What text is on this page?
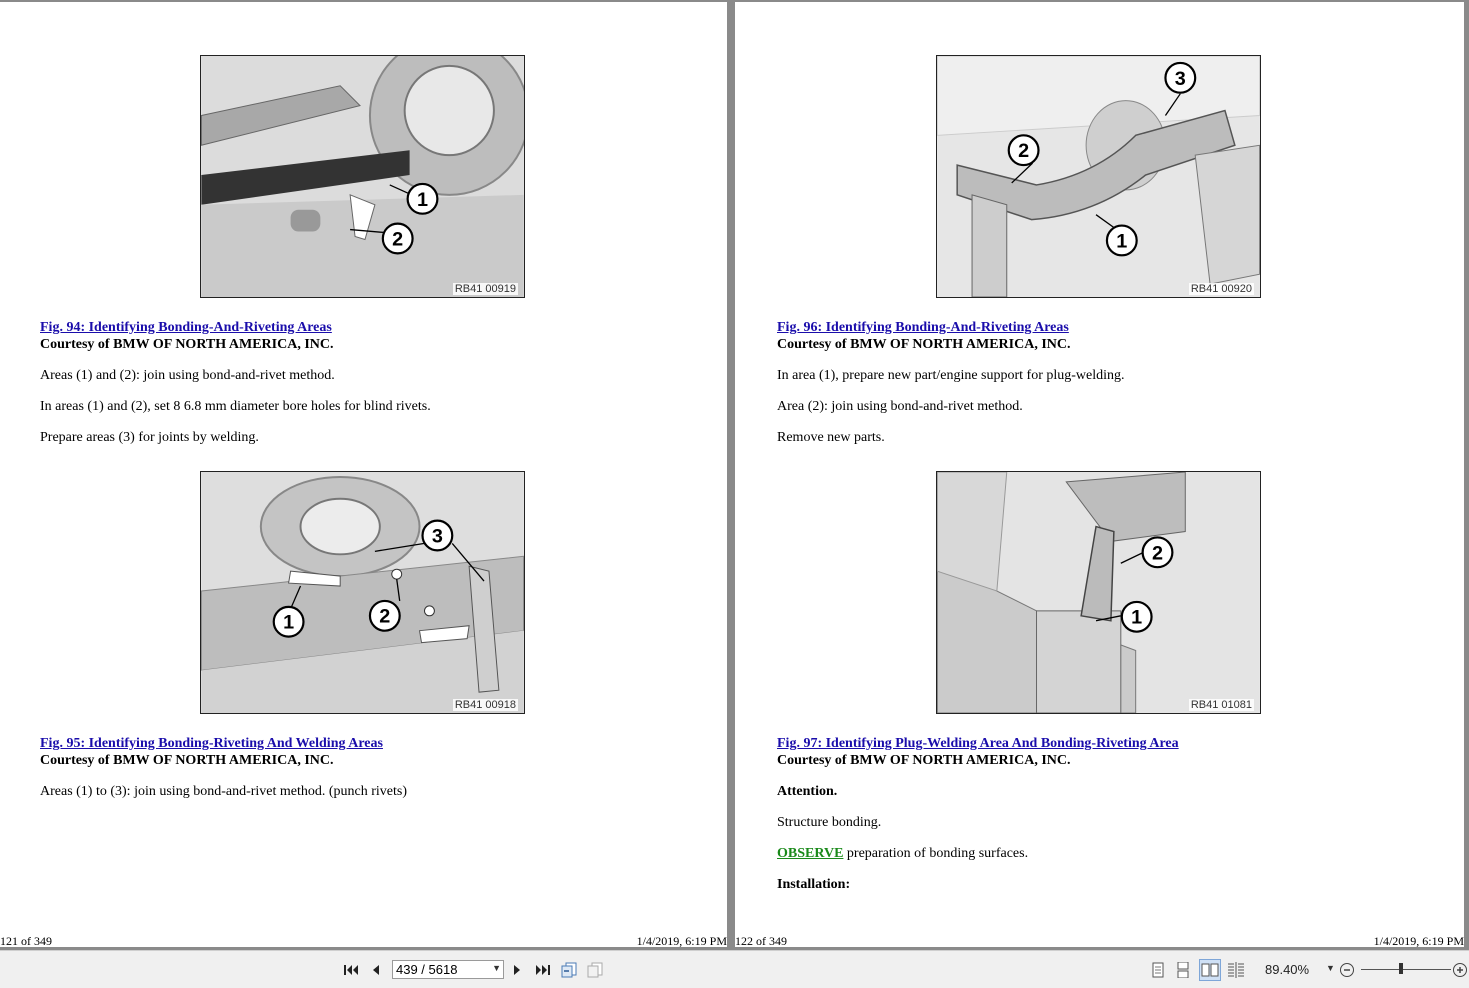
1
2
RB41 00919
Fig. 94: Identifying Bonding-And-Riveting Areas
Courtesy of BMW OF NORTH AMERICA, INC.
Areas (1) and (2): join using bond-and-rivet method.
In areas (1) and (2), set 8 6.8 mm diameter bore holes for blind rivets.
Prepare areas (3) for joints by welding.
1	2
3
RB41 00918
Fig. 95: Identifying Bonding-Riveting And Welding Areas
Courtesy of BMW OF NORTH AMERICA, INC.
Areas (1) to (3): join using bond-and-rivet method. (punch rivets)
121 of 349	1/4/2019, 6:19 PM
1
2
3
RB41 00920
Fig. 96: Identifying Bonding-And-Riveting Areas
Courtesy of BMW OF NORTH AMERICA, INC.
In area (1), prepare new part/engine support for plug-welding.
Area (2): join using bond-and-rivet method.
Remove new parts.
1
2
RB41 01081
Fig. 97: Identifying Plug-Welding Area And Bonding-Riveting Area
Courtesy of BMW OF NORTH AMERICA, INC.
Attention.
Structure bonding.
OBSERVE preparation of bonding surfaces.
Installation:
122 of 349	1/4/2019, 6:19 PM
439 / 5618
▼	89.40% ▼
